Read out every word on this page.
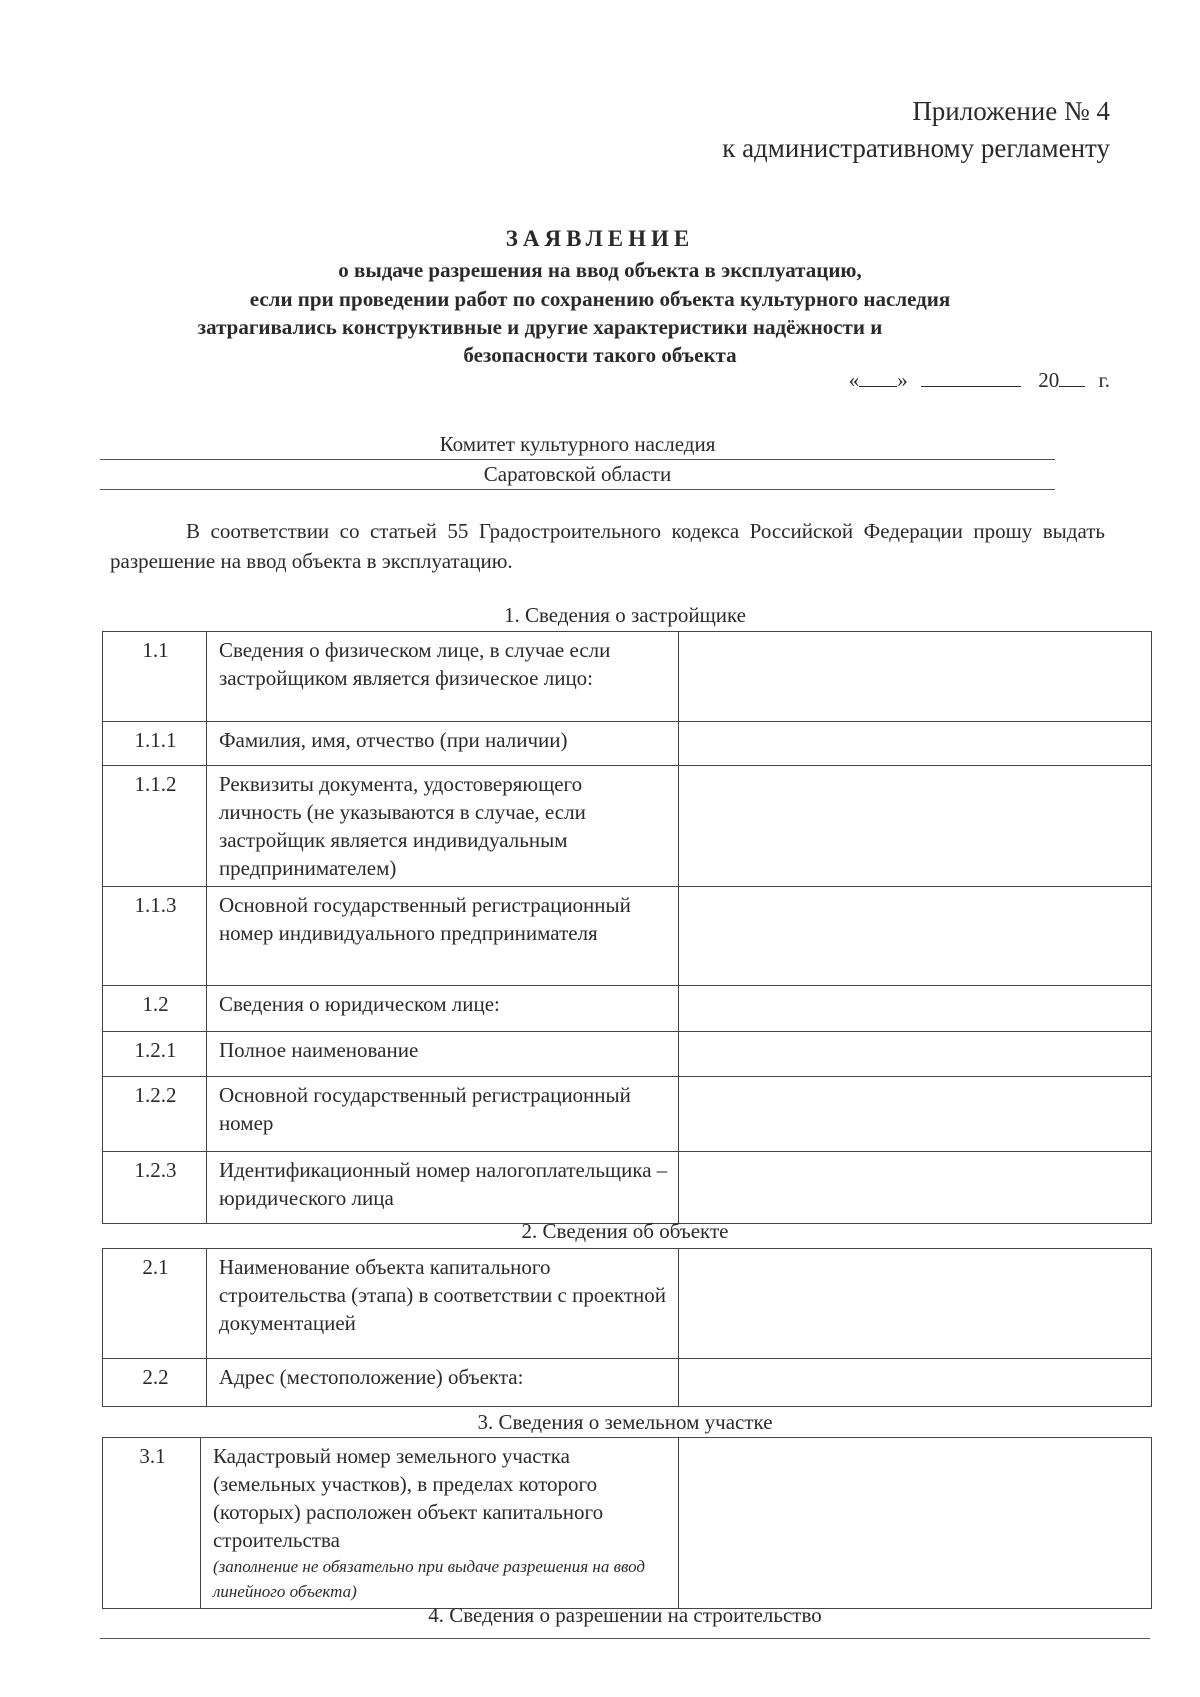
Приложение № 4
к административному регламенту
ЗАЯВЛЕНИЕ
о выдаче разрешения на ввод объекта в эксплуатацию,
если при проведении работ по сохранению объекта культурного наследия
затрагивались конструктивные и другие характеристики надёжности и
безопасности такого объекта
« »	20 г.
Комитет культурного наследия
Саратовской области
В соответствии со статьей 55 Градостроительного кодекса Российской Федерации прошу выдать разрешение на ввод объекта в эксплуатацию.
1. Сведения о застройщике
1.1	Сведения о физическом лице, в случае если застройщиком является физическое лицо:	
1.1.1	Фамилия, имя, отчество (при наличии)	
1.1.2	Реквизиты документа, удостоверяющего личность (не указываются в случае, если застройщик является индивидуальным предпринимателем)	
1.1.3	Основной государственный регистрационный номер индивидуального предпринимателя	
1.2	Сведения о юридическом лице:	
1.2.1	Полное наименование	
1.2.2	Основной государственный регистрационный номер	
1.2.3	Идентификационный номер налогоплательщика – юридического лица	
2. Сведения об объекте
2.1	Наименование объекта капитального строительства (этапа) в соответствии с проектной документацией	
2.2	Адрес (местоположение) объекта:	
3. Сведения о земельном участке
3.1	Кадастровый номер земельного участка (земельных участков), в пределах которого (которых) расположен объект капитального строительства
(заполнение не обязательно при выдаче разрешения на ввод линейного объекта)

4. Сведения о разрешении на строительство
